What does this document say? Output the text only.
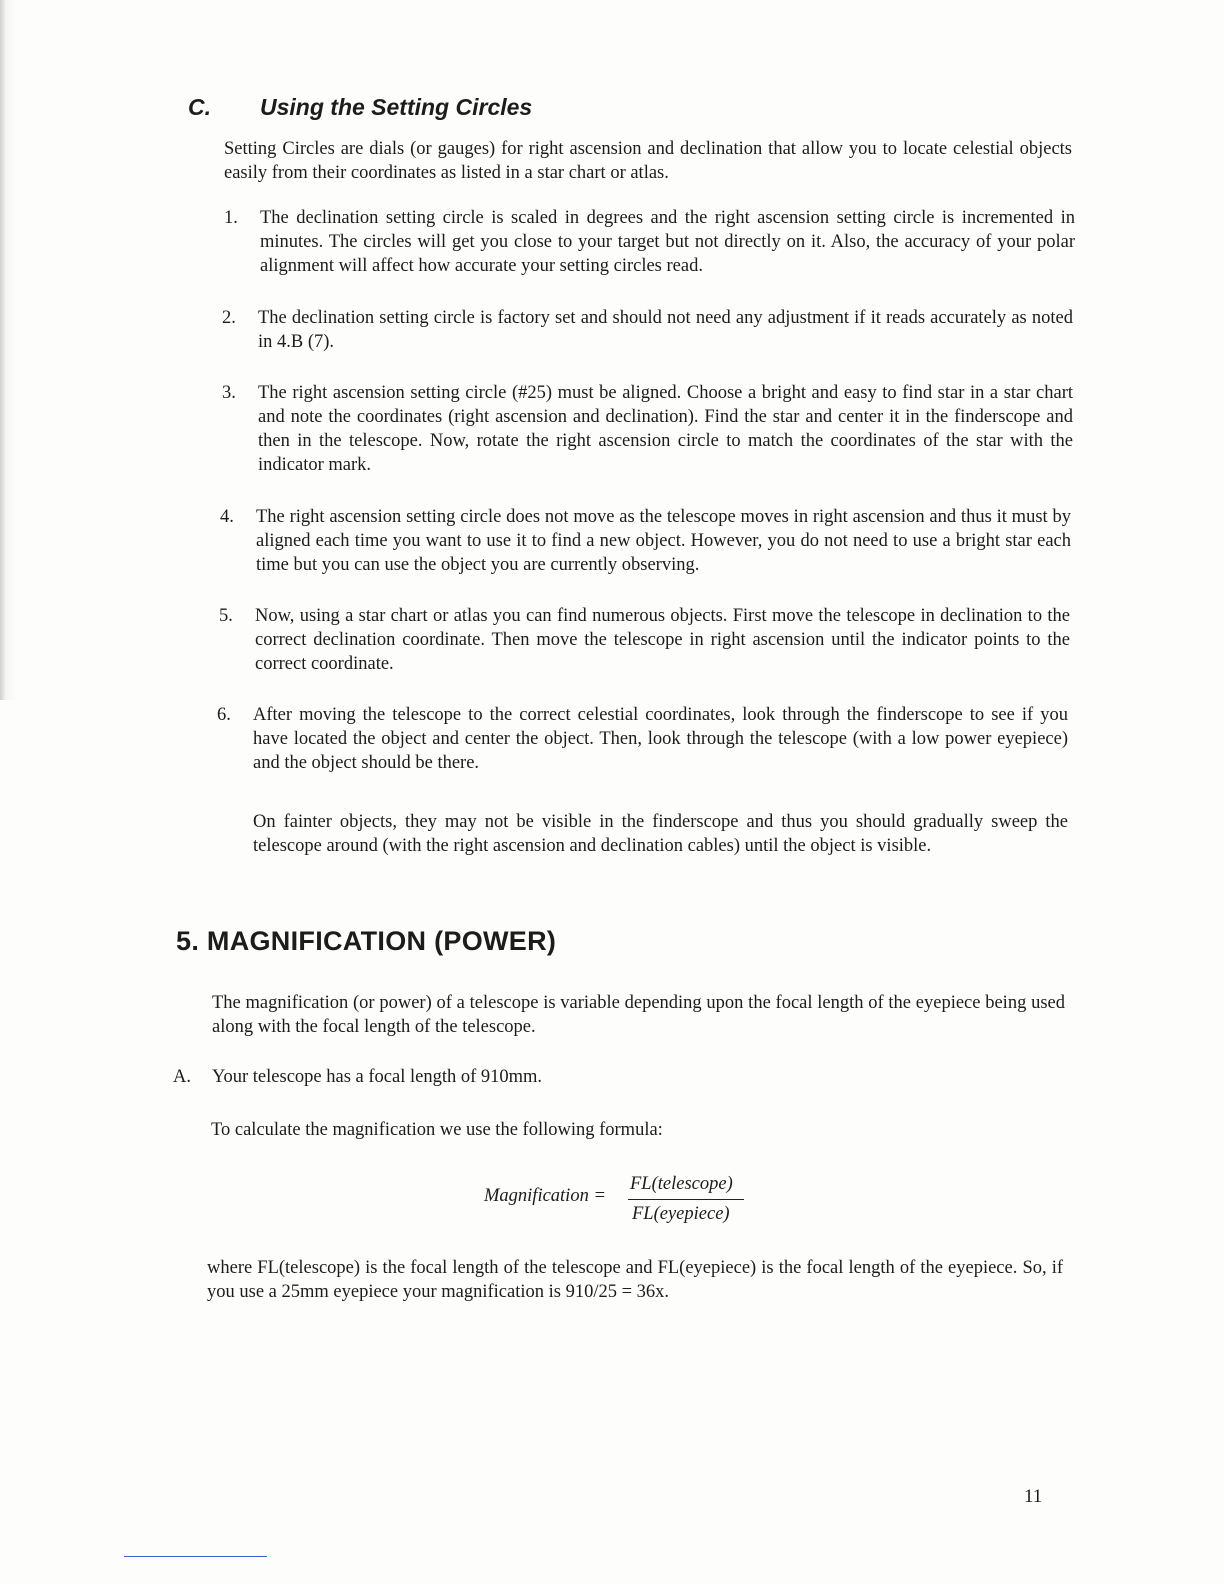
C. Using the Setting Circles

Setting Circles are dials (or gauges) for right ascension and declination that allow you to locate celestial objects easily from their coordinates as listed in a star chart or atlas.

1.	The declination setting circle is scaled in degrees and the right ascension setting circle is incremented in minutes. The circles will get you close to your target but not directly on it. Also, the accuracy of your polar alignment will affect how accurate your setting circles read.
2.	The declination setting circle is factory set and should not need any adjustment if it reads accurately as noted in 4.B (7).
3.	The right ascension setting circle (#25) must be aligned. Choose a bright and easy to find star in a star chart and note the coordinates (right ascension and declination). Find the star and center it in the finderscope and then in the telescope. Now, rotate the right ascension circle to match the coordinates of the star with the indicator mark.
4.	The right ascension setting circle does not move as the telescope moves in right ascension and thus it must by aligned each time you want to use it to find a new object. However, you do not need to use a bright star each time but you can use the object you are currently observing.
5.	Now, using a star chart or atlas you can find numerous objects. First move the telescope in declination to the correct declination coordinate. Then move the telescope in right ascension until the indicator points to the correct coordinate.
6.	After moving the telescope to the correct celestial coordinates, look through the finderscope to see if you have located the object and center the object. Then, look through the telescope (with a low power eyepiece) and the object should be there.

On fainter objects, they may not be visible in the finderscope and thus you should gradually sweep the telescope around (with the right ascension and declination cables) until the object is visible.

5. MAGNIFICATION (POWER)

The magnification (or power) of a telescope is variable depending upon the focal length of the eyepiece being used along with the focal length of the telescope.

A. Your telescope has a focal length of 910mm.

To calculate the magnification we use the following formula:

Magnification =
FL(telescope)
FL(eyepiece)

where FL(telescope) is the focal length of the telescope and FL(eyepiece) is the focal length of the eyepiece. So, if you use a 25mm eyepiece your magnification is 910/25 = 36x.

11
